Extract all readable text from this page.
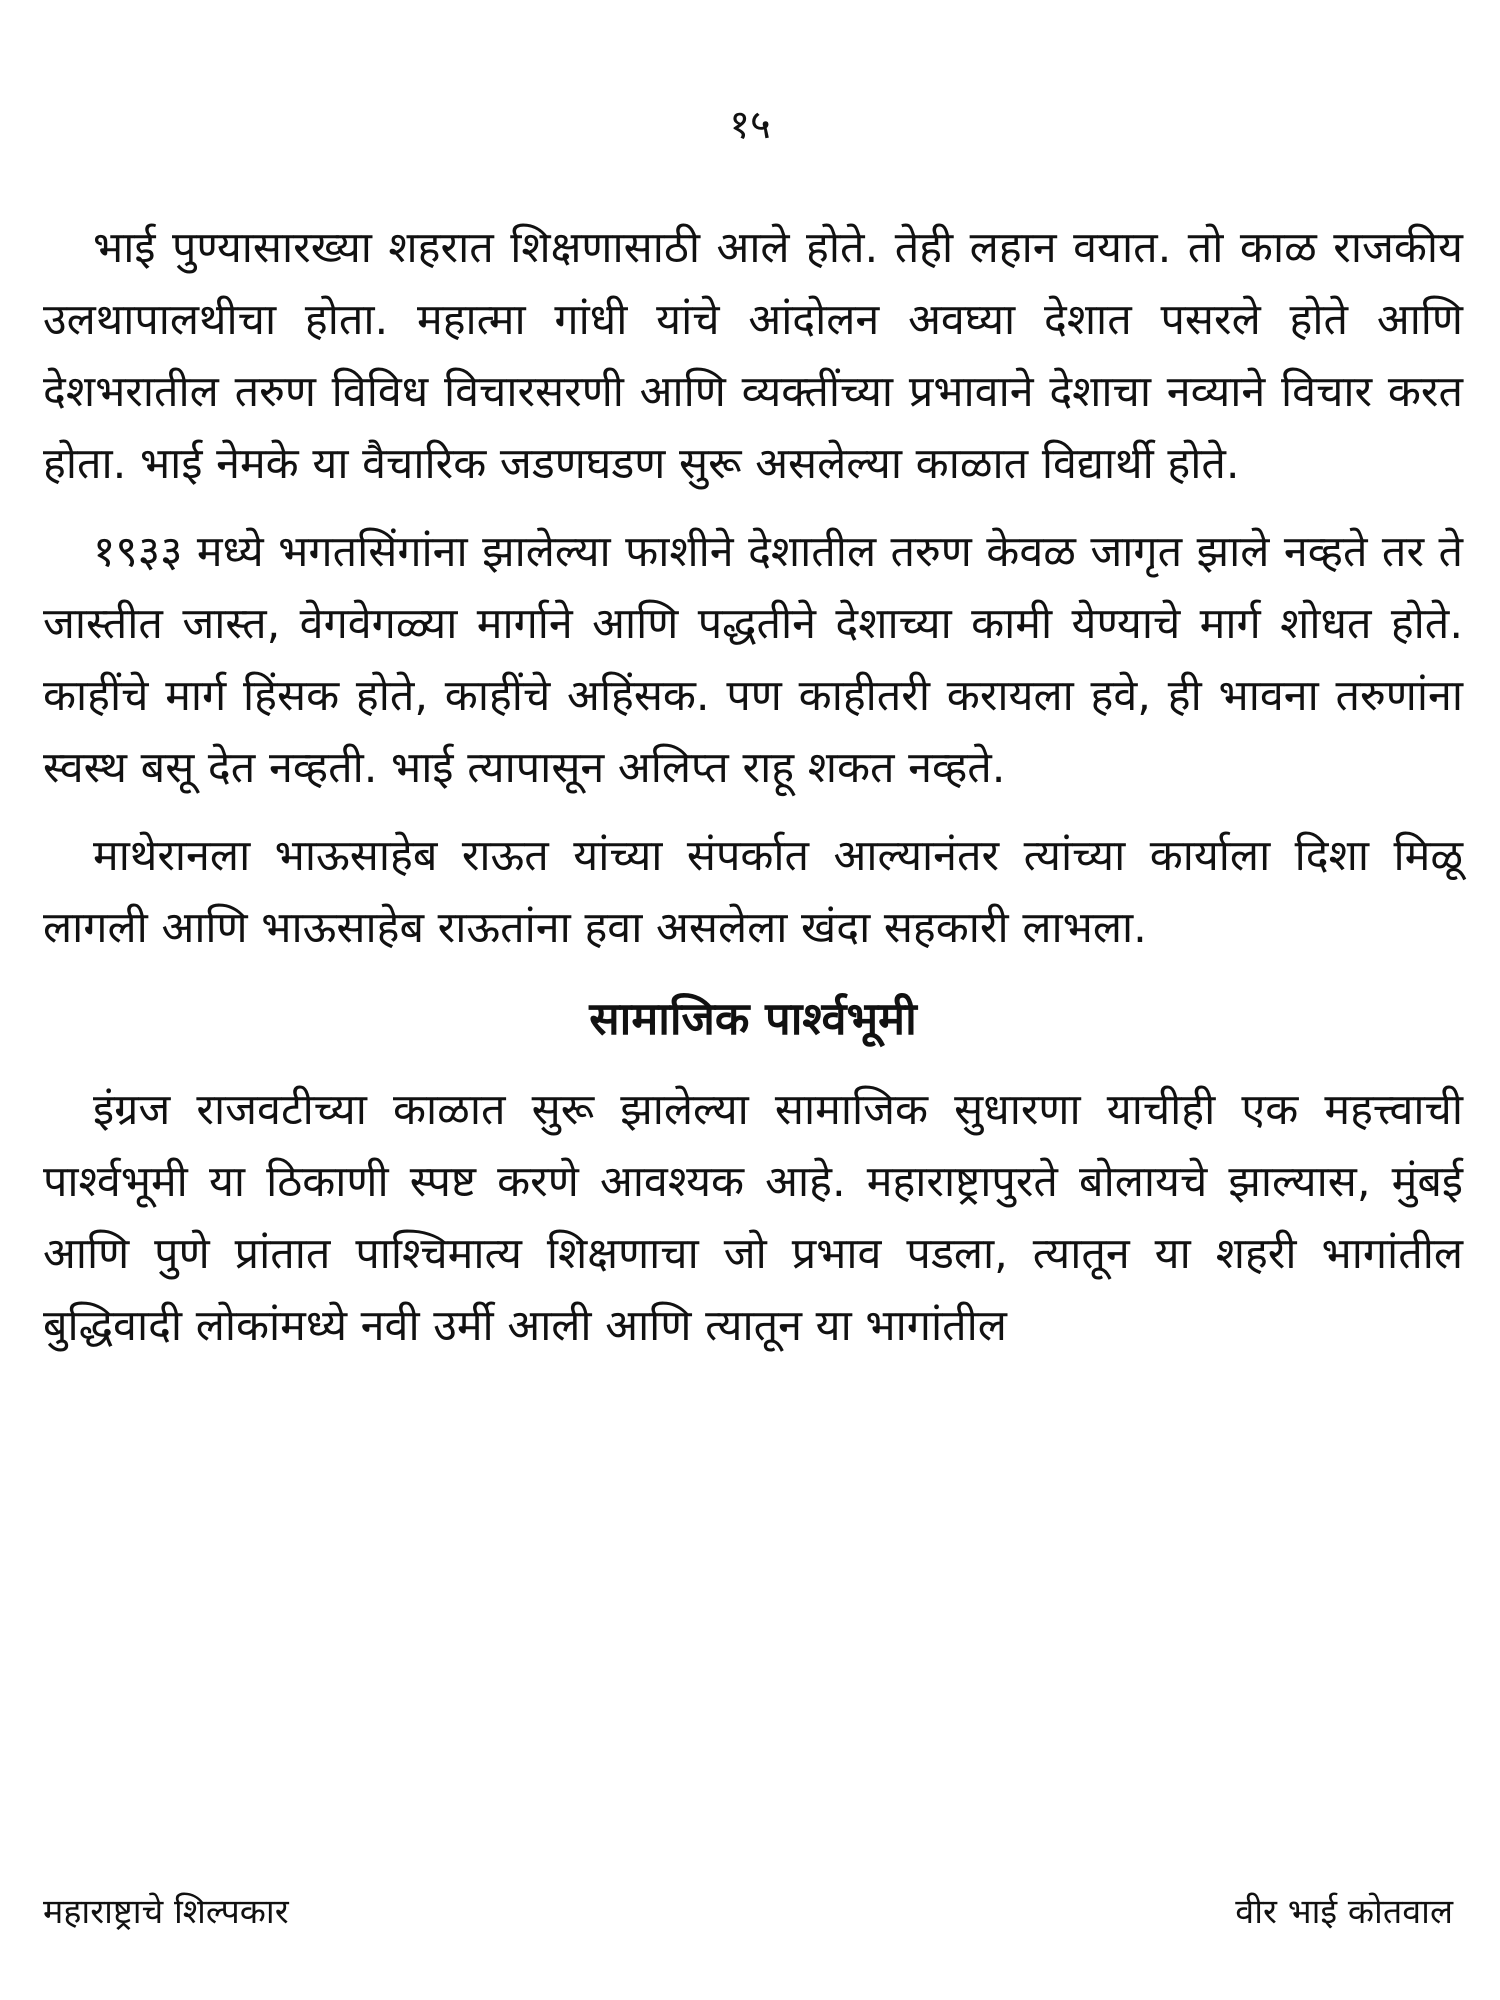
१५

भाई पुण्यासारख्या शहरात शिक्षणासाठी आले होते. तेही लहान वयात. तो काळ राजकीय उलथापालथीचा होता. महात्मा गांधी यांचे आंदोलन अवघ्या देशात पसरले होते आणि देशभरातील तरुण विविध विचारसरणी आणि व्यक्तींच्या प्रभावाने देशाचा नव्याने विचार करत होता. भाई नेमके या वैचारिक जडणघडण सुरू असलेल्या काळात विद्यार्थी होते.

१९३३ मध्ये भगतसिंगांना झालेल्या फाशीने देशातील तरुण केवळ जागृत झाले नव्हते तर ते जास्तीत जास्त, वेगवेगळ्या मार्गाने आणि पद्धतीने देशाच्या कामी येण्याचे मार्ग शोधत होते. काहींचे मार्ग हिंसक होते, काहींचे अहिंसक. पण काहीतरी करायला हवे, ही भावना तरुणांना स्वस्थ बसू देत नव्हती. भाई त्यापासून अलिप्त राहू शकत नव्हते.

माथेरानला भाऊसाहेब राऊत यांच्या संपर्कात आल्यानंतर त्यांच्या कार्याला दिशा मिळू लागली आणि भाऊसाहेब राऊतांना हवा असलेला खंदा सहकारी लाभला.

सामाजिक पार्श्वभूमी

इंग्रज राजवटीच्या काळात सुरू झालेल्या सामाजिक सुधारणा याचीही एक महत्त्वाची पार्श्वभूमी या ठिकाणी स्पष्ट करणे आवश्यक आहे. महाराष्ट्रापुरते बोलायचे झाल्यास, मुंबई आणि पुणे प्रांतात पाश्चिमात्य शिक्षणाचा जो प्रभाव पडला, त्यातून या शहरी भागांतील बुद्धिवादी लोकांमध्ये नवी उर्मी आली आणि त्यातून या भागांतील

महाराष्ट्राचे शिल्पकार	वीर भाई कोतवाल
